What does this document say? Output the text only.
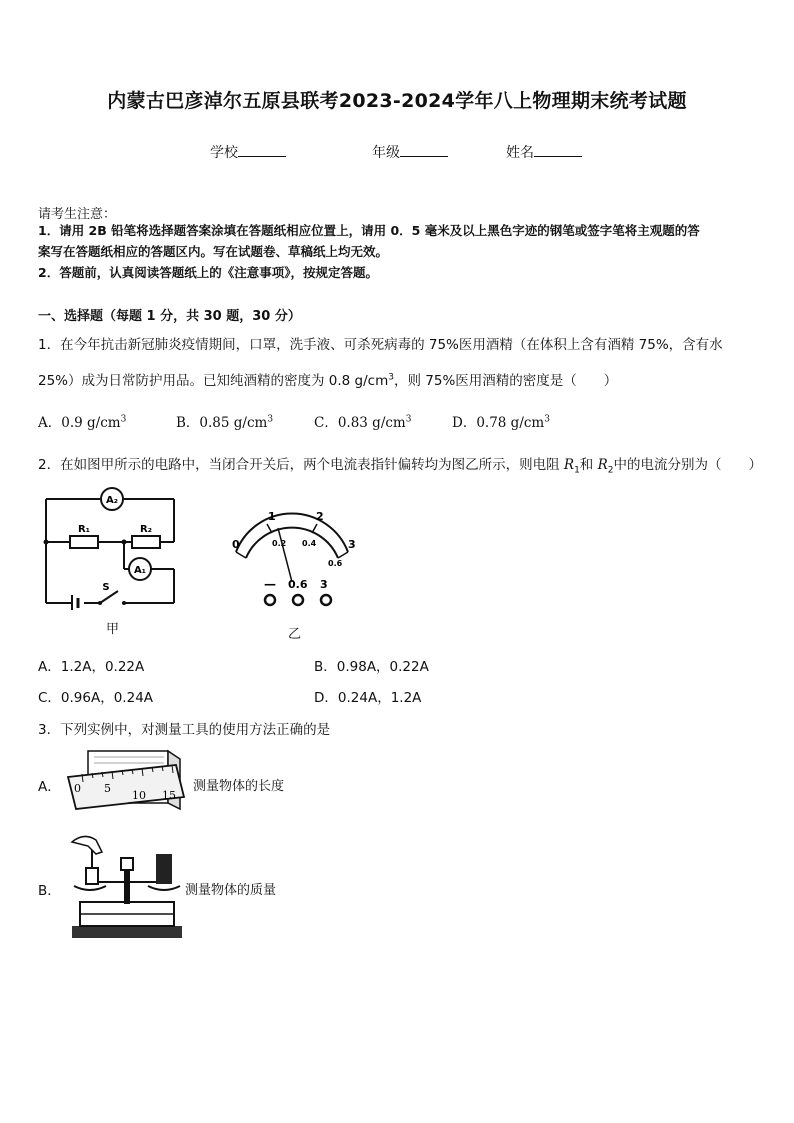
内蒙古巴彦淖尔五原县联考2023-2024学年八上物理期末统考试题
学校	年级	姓名
请考生注意：
1．请用 2B 铅笔将选择题答案涂填在答题纸相应位置上，请用 0．5 毫米及以上黑色字迹的钢笔或签字笔将主观题的答
案写在答题纸相应的答题区内。写在试题卷、草稿纸上均无效。
2．答题前，认真阅读答题纸上的《注意事项》，按规定答题。
一、选择题（每题 1 分，共 30 题，30 分）
1．在今年抗击新冠肺炎疫情期间，口罩，洗手液、可杀死病毒的 75%医用酒精（在体积上含有酒精 75%，含有水
25%）成为日常防护用品。已知纯酒精的密度为 0.8 $g/cm^3$，则 75%医用酒精的密度是（　　）
A．0.9 $g/cm^3$	B．0.85 $g/cm^3$	C．0.83 $g/cm^3$	D．0.78 $g/cm^3$
2．在如图甲所示的电路中，当闭合开关后，两个电流表指针偏转均为图乙所示，则电阻 $R_1$和 $R_2$中的电流分别为（　　）
A₂
A₁
R₁	R₂
S
甲
0
1	2
3
0.2 0.4
0.6
— 0.6 3
乙
A．1.2A，0.22A	B．0.98A，0.22A
C．0.96A，0.24A	D．0.24A，1.2A
3．下列实例中，对测量工具的使用方法正确的是
A． 0 5
10 15
测量物体的长度
B．	测量物体的质量
